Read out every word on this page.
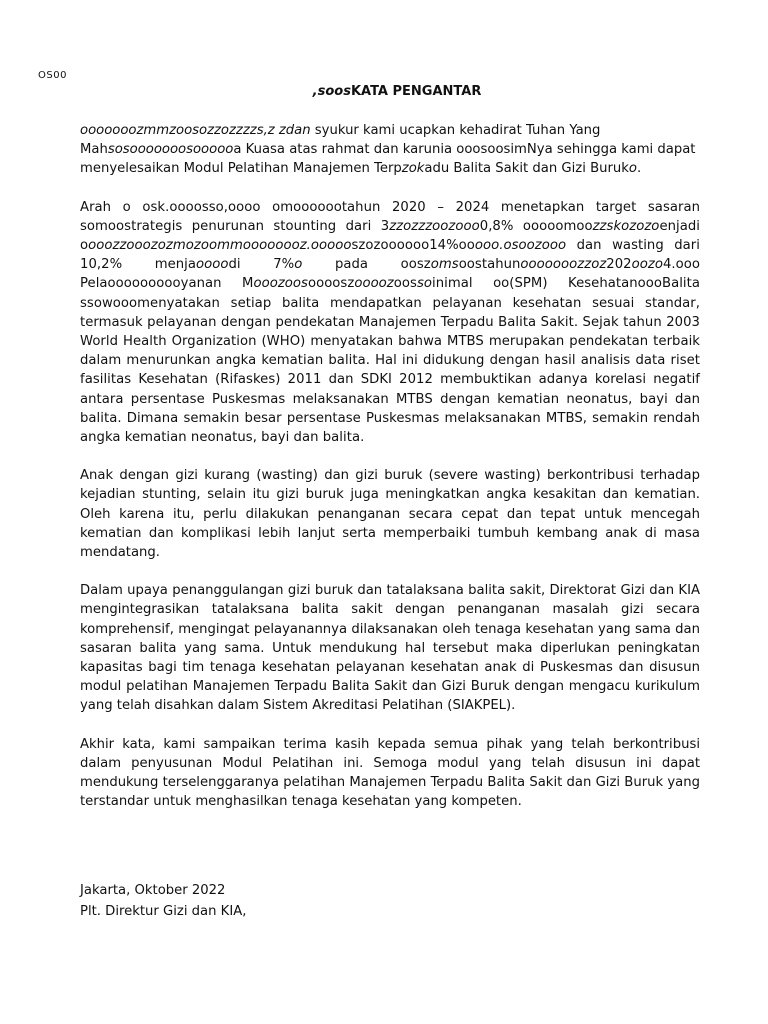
OS00
,soosKATA PENGANTAR

ooooooozmmzoosozzozzzzs,z zdan syukur kami ucapkan kehadirat Tuhan Yang
Mahsosooooooosoooooa Kuasa atas rahmat dan karunia ooosoosimNya sehingga kami dapat menyelesaikan Modul Pelatihan Manajemen Terpzokadu Balita Sakit dan Gizi Buruko.

Arah o osk.oooosso,oooo omooooootahun 2020 – 2024 menetapkan target sasaran somoostrategis penurunan stounting dari 3zzozzzoozooo0,8% ooooomoozzskozozoenjadi oooozzooozozmozoommoooooooz.oooooszozoooooo14%ooooo.osoozooo dan wasting dari 10,2% menjaoooodi 7%o pada ooszomsoostahunooooooozzoz202oozo4.ooo Pelaoooooooooyanan Mooozoosooooszoooozoossoinimal oo(SPM) KesehatanoooBalita ssowooomenyatakan setiap balita mendapatkan pelayanan kesehatan sesuai standar, termasuk pelayanan dengan pendekatan Manajemen Terpadu Balita Sakit. Sejak tahun 2003 World Health Organization (WHO) menyatakan bahwa MTBS merupakan pendekatan terbaik dalam menurunkan angka kematian balita. Hal ini didukung dengan hasil analisis data riset fasilitas Kesehatan (Rifaskes) 2011 dan SDKI 2012 membuktikan adanya korelasi negatif antara persentase Puskesmas melaksanakan MTBS dengan kematian neonatus, bayi dan balita. Dimana semakin besar persentase Puskesmas melaksanakan MTBS, semakin rendah angka kematian neonatus, bayi dan balita.

Anak dengan gizi kurang (wasting) dan gizi buruk (severe wasting) berkontribusi terhadap kejadian stunting, selain itu gizi buruk juga meningkatkan angka kesakitan dan kematian. Oleh karena itu, perlu dilakukan penanganan secara cepat dan tepat untuk mencegah kematian dan komplikasi lebih lanjut serta memperbaiki tumbuh kembang anak di masa mendatang.

Dalam upaya penanggulangan gizi buruk dan tatalaksana balita sakit, Direktorat Gizi dan KIA mengintegrasikan tatalaksana balita sakit dengan penanganan masalah gizi secara komprehensif, mengingat pelayanannya dilaksanakan oleh tenaga kesehatan yang sama dan sasaran balita yang sama. Untuk mendukung hal tersebut maka diperlukan peningkatan kapasitas bagi tim tenaga kesehatan pelayanan kesehatan anak di Puskesmas dan disusun modul pelatihan Manajemen Terpadu Balita Sakit dan Gizi Buruk dengan mengacu kurikulum yang telah disahkan dalam Sistem Akreditasi Pelatihan (SIAKPEL).

Akhir kata, kami sampaikan terima kasih kepada semua pihak yang telah berkontribusi dalam penyusunan Modul Pelatihan ini. Semoga modul yang telah disusun ini dapat mendukung terselenggaranya pelatihan Manajemen Terpadu Balita Sakit dan Gizi Buruk yang terstandar untuk menghasilkan tenaga kesehatan yang kompeten.

Jakarta, Oktober 2022
Plt. Direktur Gizi dan KIA,
